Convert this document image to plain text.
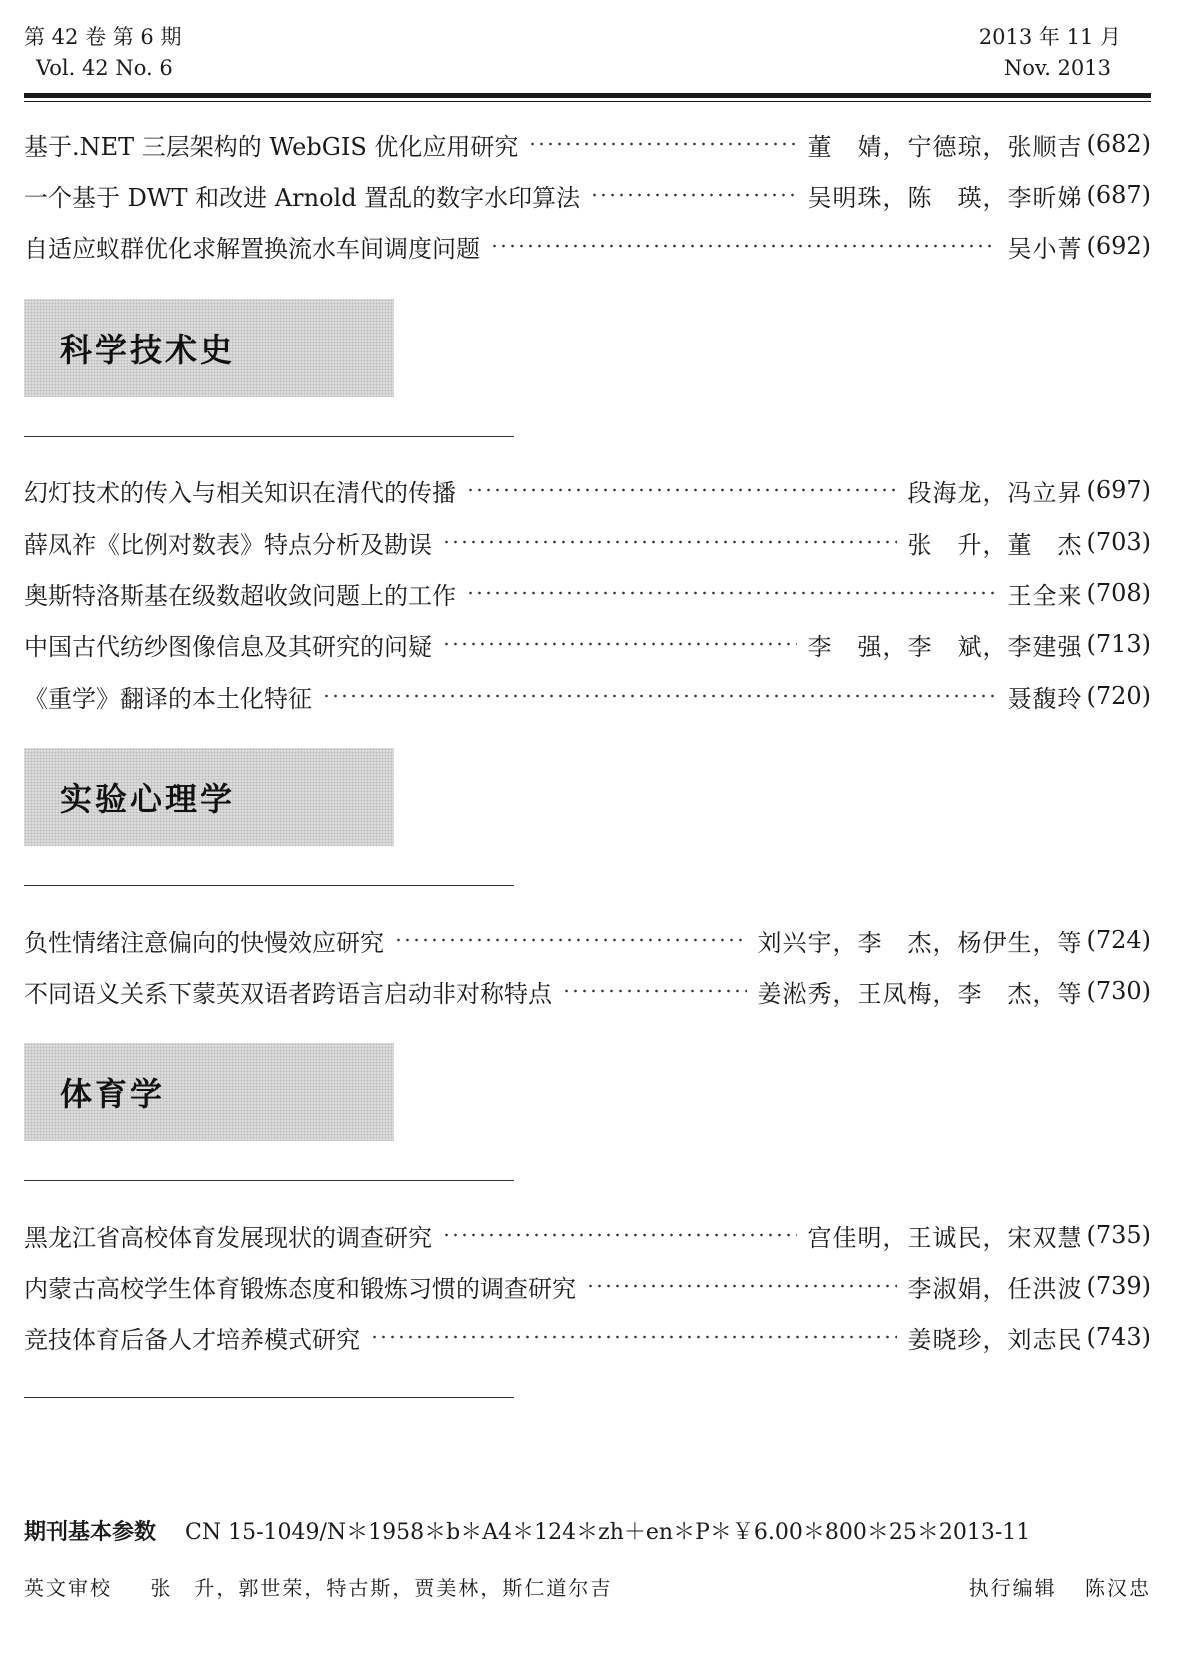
第 42 卷 第 6 期
Vol. 42 No. 6
2013 年 11 月
Nov. 2013
基于.NET 三层架构的 WebGIS 优化应用研究	董　婧，宁德琼，张顺吉 (682)
一个基于 DWT 和改进 Arnold 置乱的数字水印算法	吴明珠，陈　瑛，李昕娣 (687)
自适应蚁群优化求解置换流水车间调度问题	吴小菁 (692)
科学技术史
幻灯技术的传入与相关知识在清代的传播	段海龙，冯立昇 (697)
薛凤祚《比例对数表》特点分析及勘误	张　升，董　杰 (703)
奥斯特洛斯基在级数超收敛问题上的工作	王全来 (708)
中国古代纺纱图像信息及其研究的问疑	李　强，李　斌，李建强 (713)
《重学》翻译的本土化特征	聂馥玲 (720)
实验心理学
负性情绪注意偏向的快慢效应研究	刘兴宇，李　杰，杨伊生，等 (724)
不同语义关系下蒙英双语者跨语言启动非对称特点	姜淞秀，王凤梅，李　杰，等 (730)
体育学
黑龙江省高校体育发展现状的调查研究	宫佳明，王诚民，宋双慧 (735)
内蒙古高校学生体育锻炼态度和锻炼习惯的调查研究	李淑娟，任洪波 (739)
竞技体育后备人才培养模式研究	姜晓珍，刘志民 (743)
期刊基本参数 CN 15-1049/N＊1958＊b＊A4＊124＊zh＋en＊P＊￥6.00＊800＊25＊2013-11
英文审校 张　升，郭世荣，特古斯，贾美林，斯仁道尔吉	执行编辑 陈汉忠
